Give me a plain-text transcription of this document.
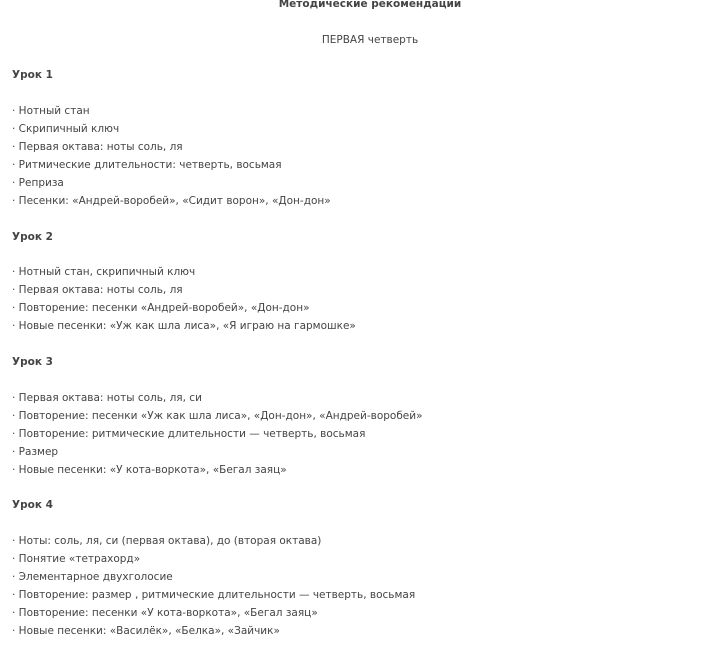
Методические рекомендации
ПЕРВАЯ четверть
Урок 1
· Нотный стан
· Скрипичный ключ
· Первая октава: ноты соль, ля
· Ритмические длительности: четверть, восьмая
· Реприза
· Песенки: «Андрей-воробей», «Сидит ворон», «Дон-дон»
Урок 2
· Нотный стан, скрипичный ключ
· Первая октава: ноты соль, ля
· Повторение: песенки «Андрей-воробей», «Дон-дон»
· Новые песенки: «Уж как шла лиса», «Я играю на гармошке»
Урок 3
· Первая октава: ноты соль, ля, си
· Повторение: песенки «Уж как шла лиса», «Дон-дон», «Андрей-воробей»
· Повторение: ритмические длительности — четверть, восьмая
· Размер
· Новые песенки: «У кота-воркота», «Бегал заяц»
Урок 4
· Ноты: соль, ля, си (первая октава), до (вторая октава)
· Понятие «тетрахорд»
· Элементарное двухголосие
· Повторение: размер , ритмические длительности — четверть, восьмая
· Повторение: песенки «У кота-воркота», «Бегал заяц»
· Новые песенки: «Василёк», «Белка», «Зайчик»
